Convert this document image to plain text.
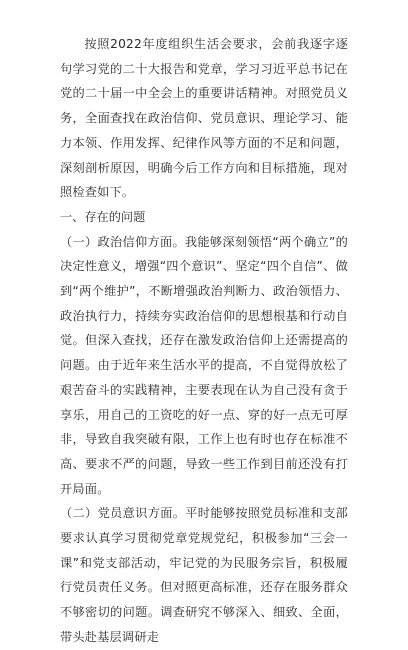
按照2022年度组织生活会要求，会前我逐字逐句学习党的二十大报告和党章，学习习近平总书记在党的二十届一中全会上的重要讲话精神。对照党员义务，全面查找在政治信仰、党员意识、理论学习、能力本领、作用发挥、纪律作风等方面的不足和问题，深刻剖析原因，明确今后工作方向和目标措施，现对照检查如下。

一、存在的问题

（一）政治信仰方面。我能够深刻领悟“两个确立”的决定性意义，增强“四个意识”、坚定“四个自信”、做到“两个维护”，不断增强政治判断力、政治领悟力、政治执行力，持续夯实政治信仰的思想根基和行动自觉。但深入查找，还存在激发政治信仰上还需提高的问题。由于近年来生活水平的提高，不自觉得放松了艰苦奋斗的实践精神，主要表现在认为自己没有贪于享乐，用自己的工资吃的好一点、穿的好一点无可厚非，导致自我突破有限，工作上也有时也存在标准不高、要求不严的问题，导致一些工作到目前还没有打开局面。

（二）党员意识方面。平时能够按照党员标准和支部要求认真学习贯彻党章党规党纪，积极参加“三会一课”和党支部活动，牢记党的为民服务宗旨，积极履行党员责任义务。但对照更高标准，还存在服务群众不够密切的问题。调查研究不够深入、细致、全面，带头赴基层调研走
